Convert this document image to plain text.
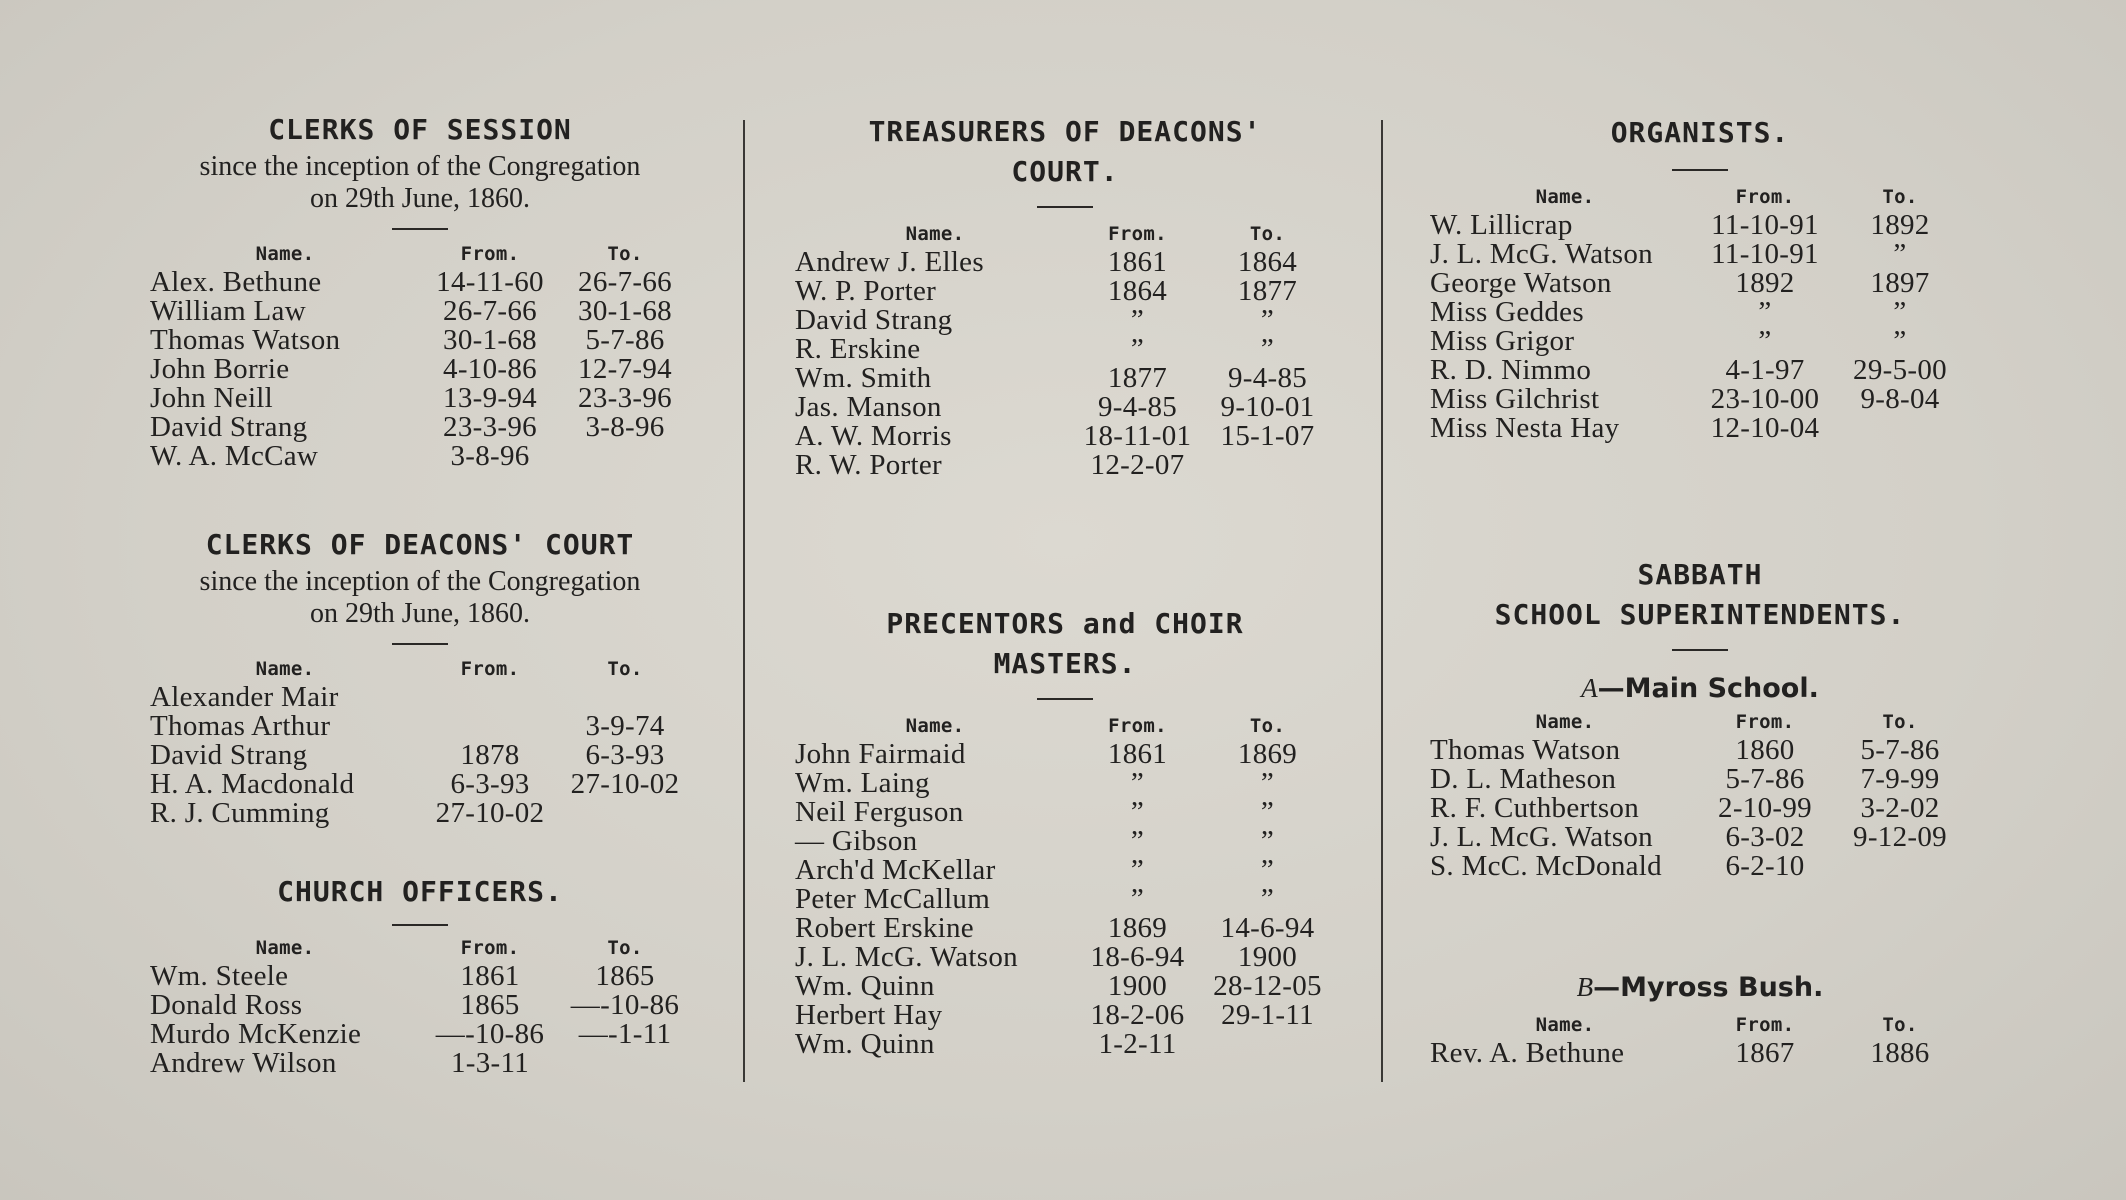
CLERKS OF SESSION
since the inception of the Congregation
on 29th June, 1860.
Name.	From.	To.
Alex. Bethune	14-11-60	26-7-66
William Law	26-7-66	30-1-68
Thomas Watson	30-1-68	5-7-86
John Borrie	4-10-86	12-7-94
John Neill	13-9-94	23-3-96
David Strang	23-3-96	3-8-96
W. A. McCaw	3-8-96	
CLERKS OF DEACONS' COURT
since the inception of the Congregation
on 29th June, 1860.
Name.	From.	To.
Alexander Mair		
Thomas Arthur		3-9-74
David Strang	1878	6-3-93
H. A. Macdonald	6-3-93	27-10-02
R. J. Cumming	27-10-02	
CHURCH OFFICERS.
Name.	From.	To.
Wm. Steele	1861	1865
Donald Ross	1865	—-10-86
Murdo McKenzie	—-10-86	—-1-11
Andrew Wilson	1-3-11	
TREASURERS OF DEACONS'
COURT.
Name.	From.	To.
Andrew J. Elles	1861	1864
W. P. Porter	1864	1877
David Strang	”	”
R. Erskine	”	”
Wm. Smith	1877	9-4-85
Jas. Manson	9-4-85	9-10-01
A. W. Morris	18-11-01	15-1-07
R. W. Porter	12-2-07	
PRECENTORS and CHOIR
MASTERS.
Name.	From.	To.
John Fairmaid	1861	1869
Wm. Laing	”	”
Neil Ferguson	”	”
— Gibson	”	”
Arch'd McKellar	”	”
Peter McCallum	”	”
Robert Erskine	1869	14-6-94
J. L. McG. Watson	18-6-94	1900
Wm. Quinn	1900	28-12-05
Herbert Hay	18-2-06	29-1-11
Wm. Quinn	1-2-11	
ORGANISTS.
Name.	From.	To.
W. Lillicrap	11-10-91	1892
J. L. McG. Watson	11-10-91	”
George Watson	1892	1897
Miss Geddes	”	”
Miss Grigor	”	”
R. D. Nimmo	4-1-97	29-5-00
Miss Gilchrist	23-10-00	9-8-04
Miss Nesta Hay	12-10-04	
SABBATH
SCHOOL SUPERINTENDENTS.
A—Main School.
Name.	From.	To.
Thomas Watson	1860	5-7-86
D. L. Matheson	5-7-86	7-9-99
R. F. Cuthbertson	2-10-99	3-2-02
J. L. McG. Watson	6-3-02	9-12-09
S. McC. McDonald	6-2-10	
B—Myross Bush.
Name.	From.	To.
Rev. A. Bethune	1867	1886
